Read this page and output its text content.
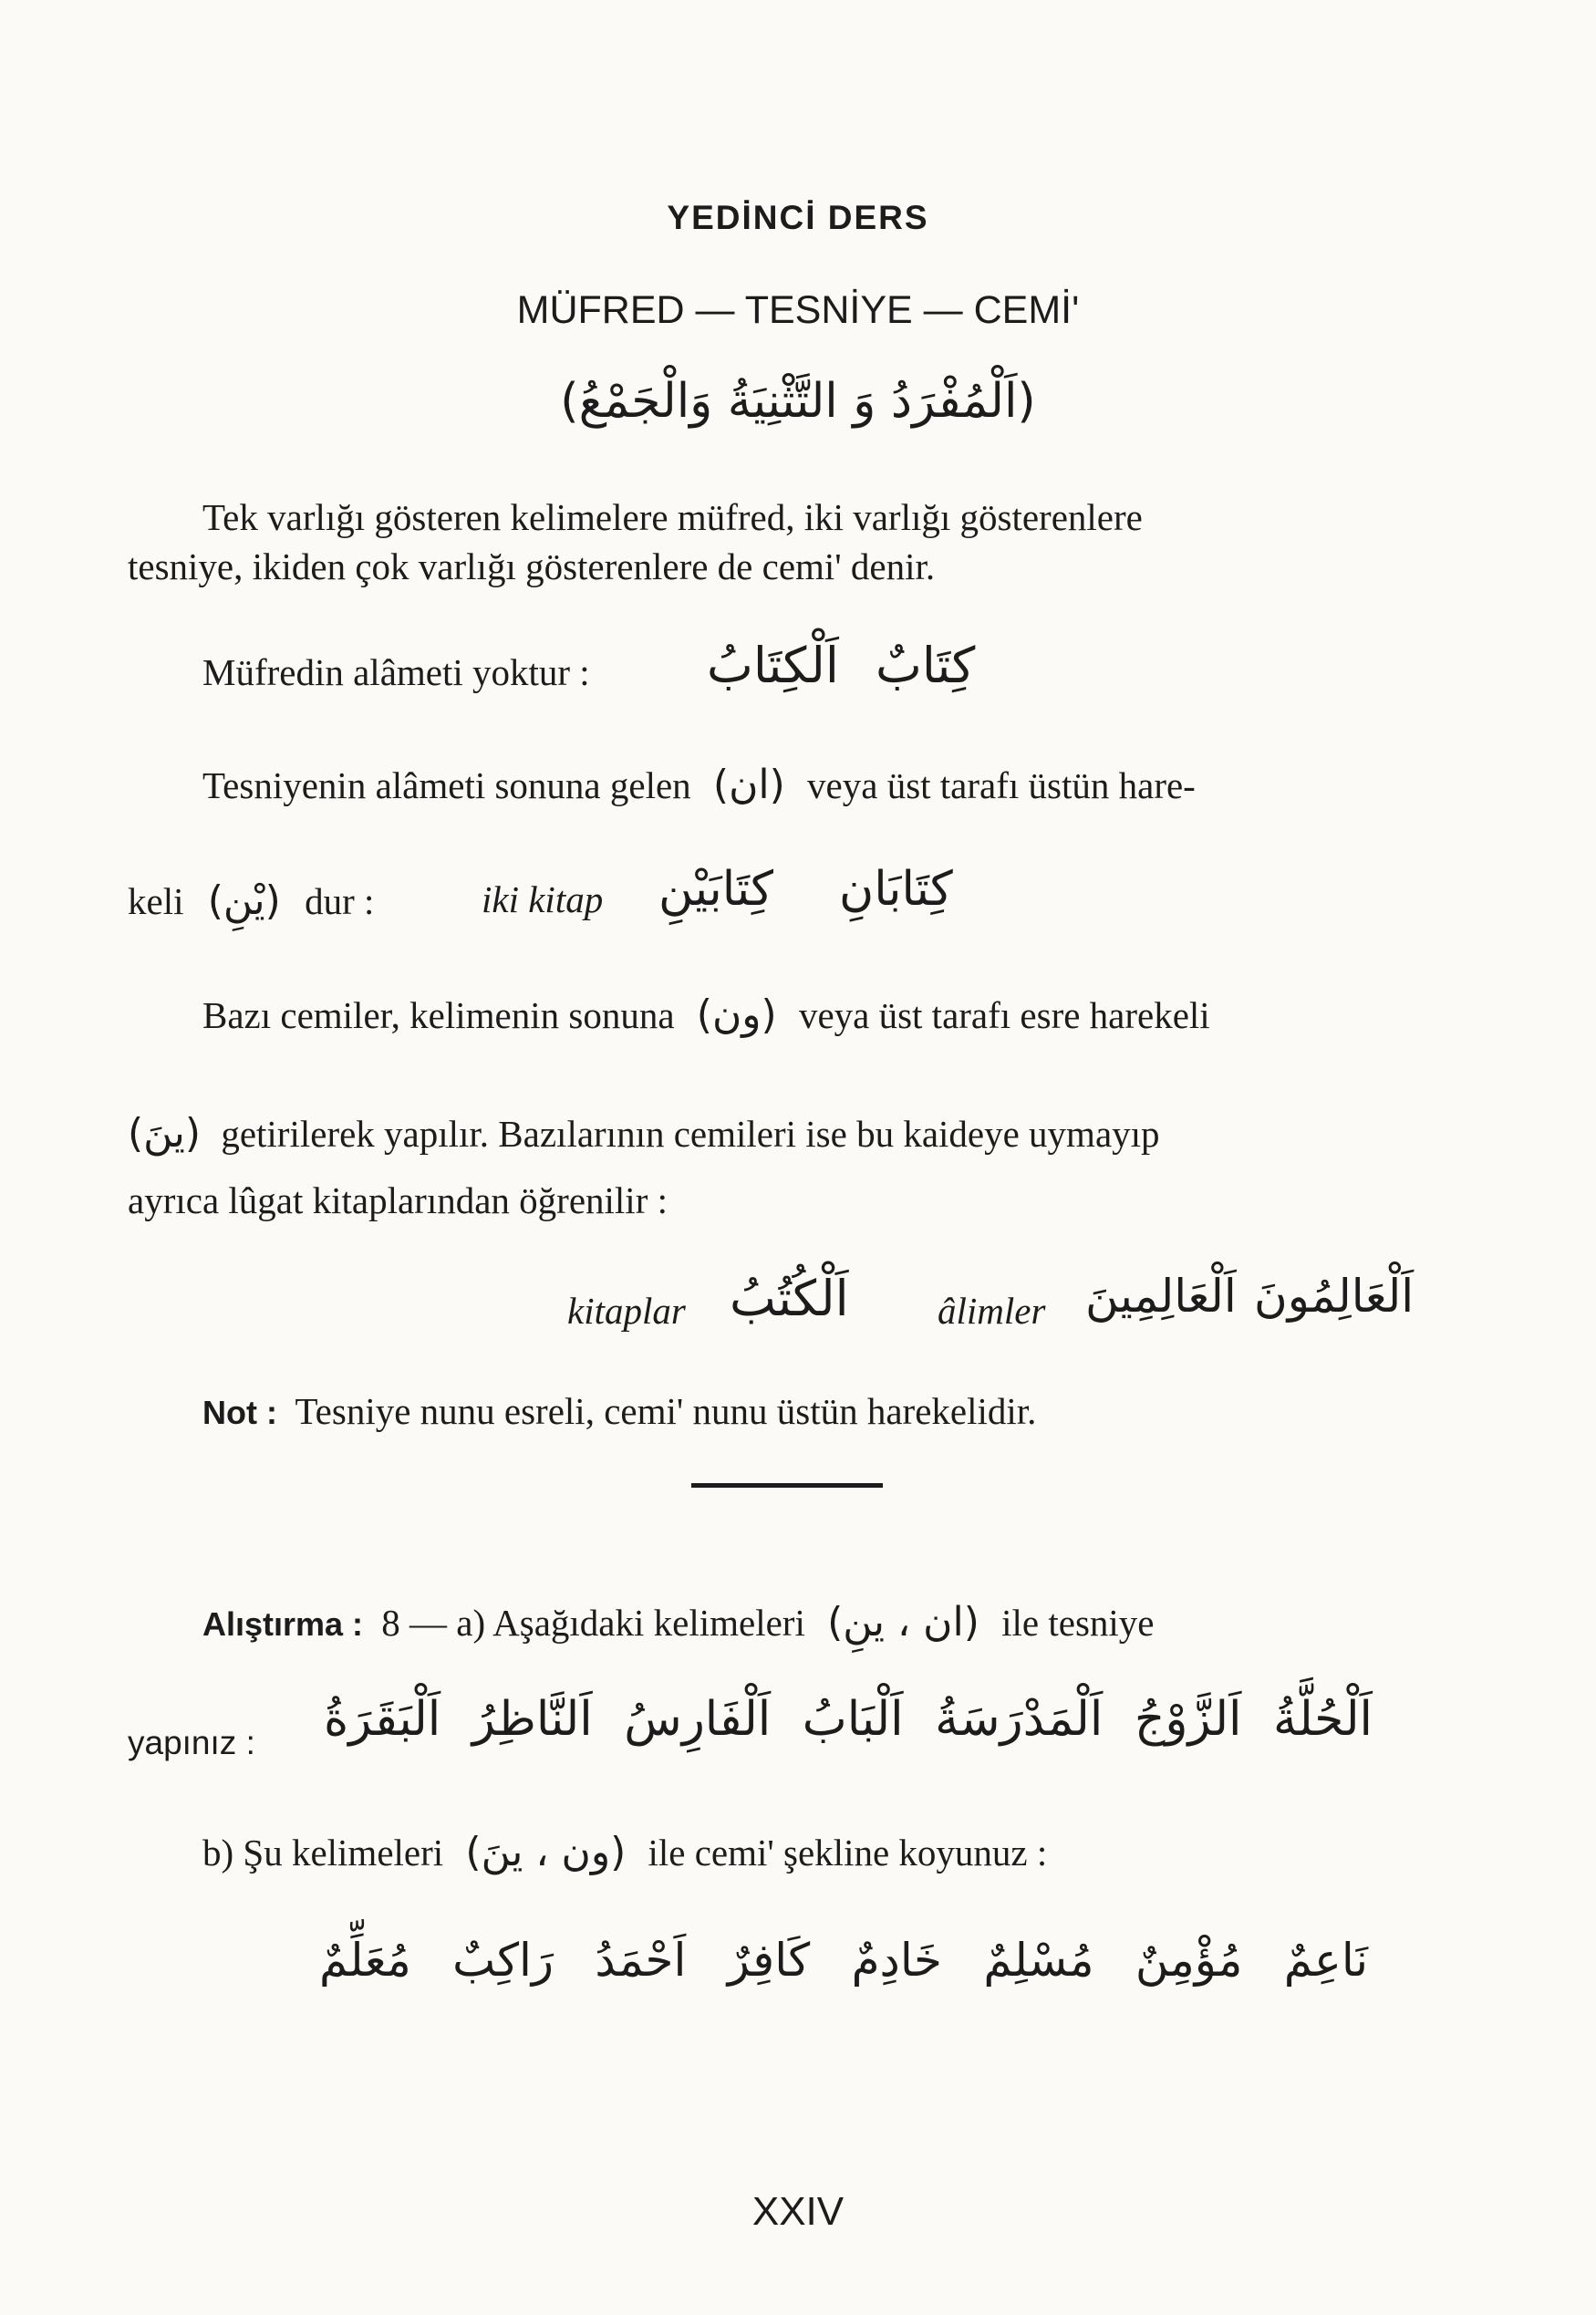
YEDİNCİ DERS
MÜFRED — TESNİYE — CEMİ'
(اَلْمُفْرَدُ وَ التَّثْنِيَةُ وَالْجَمْعُ)
Tek varlığı gösteren kelimelere müfred, iki varlığı gösterenlere
tesniye, ikiden çok varlığı gösterenlere de cemi' denir.
Müfredin alâmeti yoktur : اَلْكِتَابُ كِتَابٌ
Tesniyenin alâmeti sonuna gelen (ان) veya üst tarafı üstün hare-
keli (يْنِ) dur :	iki kitap كِتَابَيْنِ كِتَابَانِ
Bazı cemiler, kelimenin sonuna (ون) veya üst tarafı esre harekeli
(ينَ) getirilerek yapılır. Bazılarının cemileri ise bu kaideye uymayıp
ayrıca lûgat kitaplarından öğrenilir :
kitaplar اَلْكُتُبُ âlimler اَلْعَالِمِينَ اَلْعَالِمُونَ
Not : Tesniye nunu esreli, cemi' nunu üstün harekelidir.
Alıştırma : 8 — a) Aşağıdaki kelimeleri (ان ، ينِ) ile tesniye
yapınız :	اَلْحُلَّةُ
اَلزَّوْجُ
اَلْمَدْرَسَةُ
اَلْبَابُ
اَلْفَارِسُ
اَلنَّاظِرُ
اَلْبَقَرَةُ
b) Şu kelimeleri (ون ، ينَ) ile cemi' şekline koyunuz :
نَاعِمٌ
مُؤْمِنٌ
مُسْلِمٌ
خَادِمٌ
كَافِرٌ
اَحْمَدُ
رَاكِبٌ
مُعَلِّمٌ
XXIV
